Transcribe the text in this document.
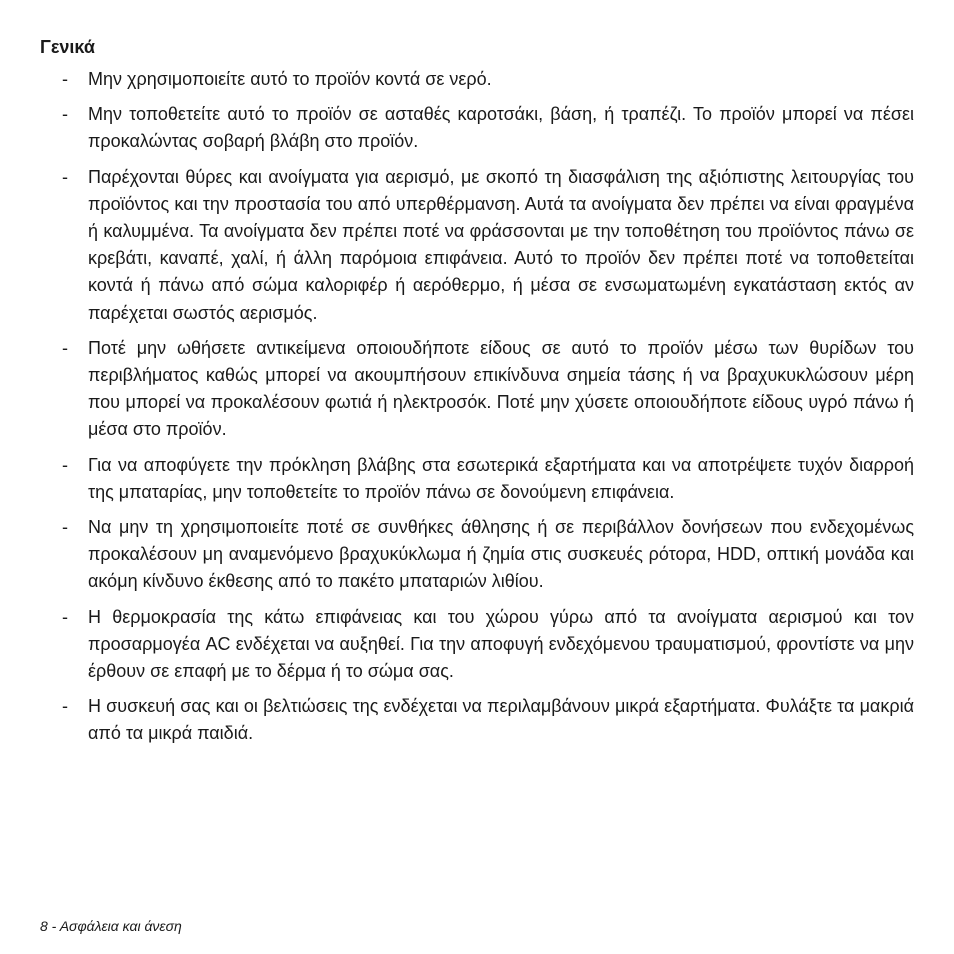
Γενικά
- Μην χρησιμοποιείτε αυτό το προϊόν κοντά σε νερό.
- Μην τοποθετείτε αυτό το προϊόν σε ασταθές καροτσάκι, βάση, ή τραπέζι. Το προϊόν μπορεί να πέσει προκαλώντας σοβαρή βλάβη στο προϊόν.
- Παρέχονται θύρες και ανοίγματα για αερισμό, με σκοπό τη διασφάλιση της αξιόπιστης λειτουργίας του προϊόντος και την προστασία του από υπερθέρμανση. Αυτά τα ανοίγματα δεν πρέπει να είναι φραγμένα ή καλυμμένα. Τα ανοίγματα δεν πρέπει ποτέ να φράσσονται με την τοποθέτηση του προϊόντος πάνω σε κρεβάτι, καναπέ, χαλί, ή άλλη παρόμοια επιφάνεια. Αυτό το προϊόν δεν πρέπει ποτέ να τοποθετείται κοντά ή πάνω από σώμα καλοριφέρ ή αερόθερμο, ή μέσα σε ενσωματωμένη εγκατάσταση εκτός αν παρέχεται σωστός αερισμός.
- Ποτέ μην ωθήσετε αντικείμενα οποιουδήποτε είδους σε αυτό το προϊόν μέσω των θυρίδων του περιβλήματος καθώς μπορεί να ακουμπήσουν επικίνδυνα σημεία τάσης ή να βραχυκυκλώσουν μέρη που μπορεί να προκαλέσουν φωτιά ή ηλεκτροσόκ. Ποτέ μην χύσετε οποιουδήποτε είδους υγρό πάνω ή μέσα στο προϊόν.
- Για να αποφύγετε την πρόκληση βλάβης στα εσωτερικά εξαρτήματα και να αποτρέψετε τυχόν διαρροή της μπαταρίας, μην τοποθετείτε το προϊόν πάνω σε δονούμενη επιφάνεια.
- Να μην τη χρησιμοποιείτε ποτέ σε συνθήκες άθλησης ή σε περιβάλλον δονήσεων που ενδεχομένως προκαλέσουν μη αναμενόμενο βραχυκύκλωμα ή ζημία στις συσκευές ρότορα, HDD, οπτική μονάδα και ακόμη κίνδυνο έκθεσης από το πακέτο μπαταριών λιθίου.
- Η θερμοκρασία της κάτω επιφάνειας και του χώρου γύρω από τα ανοίγματα αερισμού και τον προσαρμογέα AC ενδέχεται να αυξηθεί. Για την αποφυγή ενδεχόμενου τραυματισμού, φροντίστε να μην έρθουν σε επαφή με το δέρμα ή το σώμα σας.
- Η συσκευή σας και οι βελτιώσεις της ενδέχεται να περιλαμβάνουν μικρά εξαρτήματα. Φυλάξτε τα μακριά από τα μικρά παιδιά.
8 - Ασφάλεια και άνεση
